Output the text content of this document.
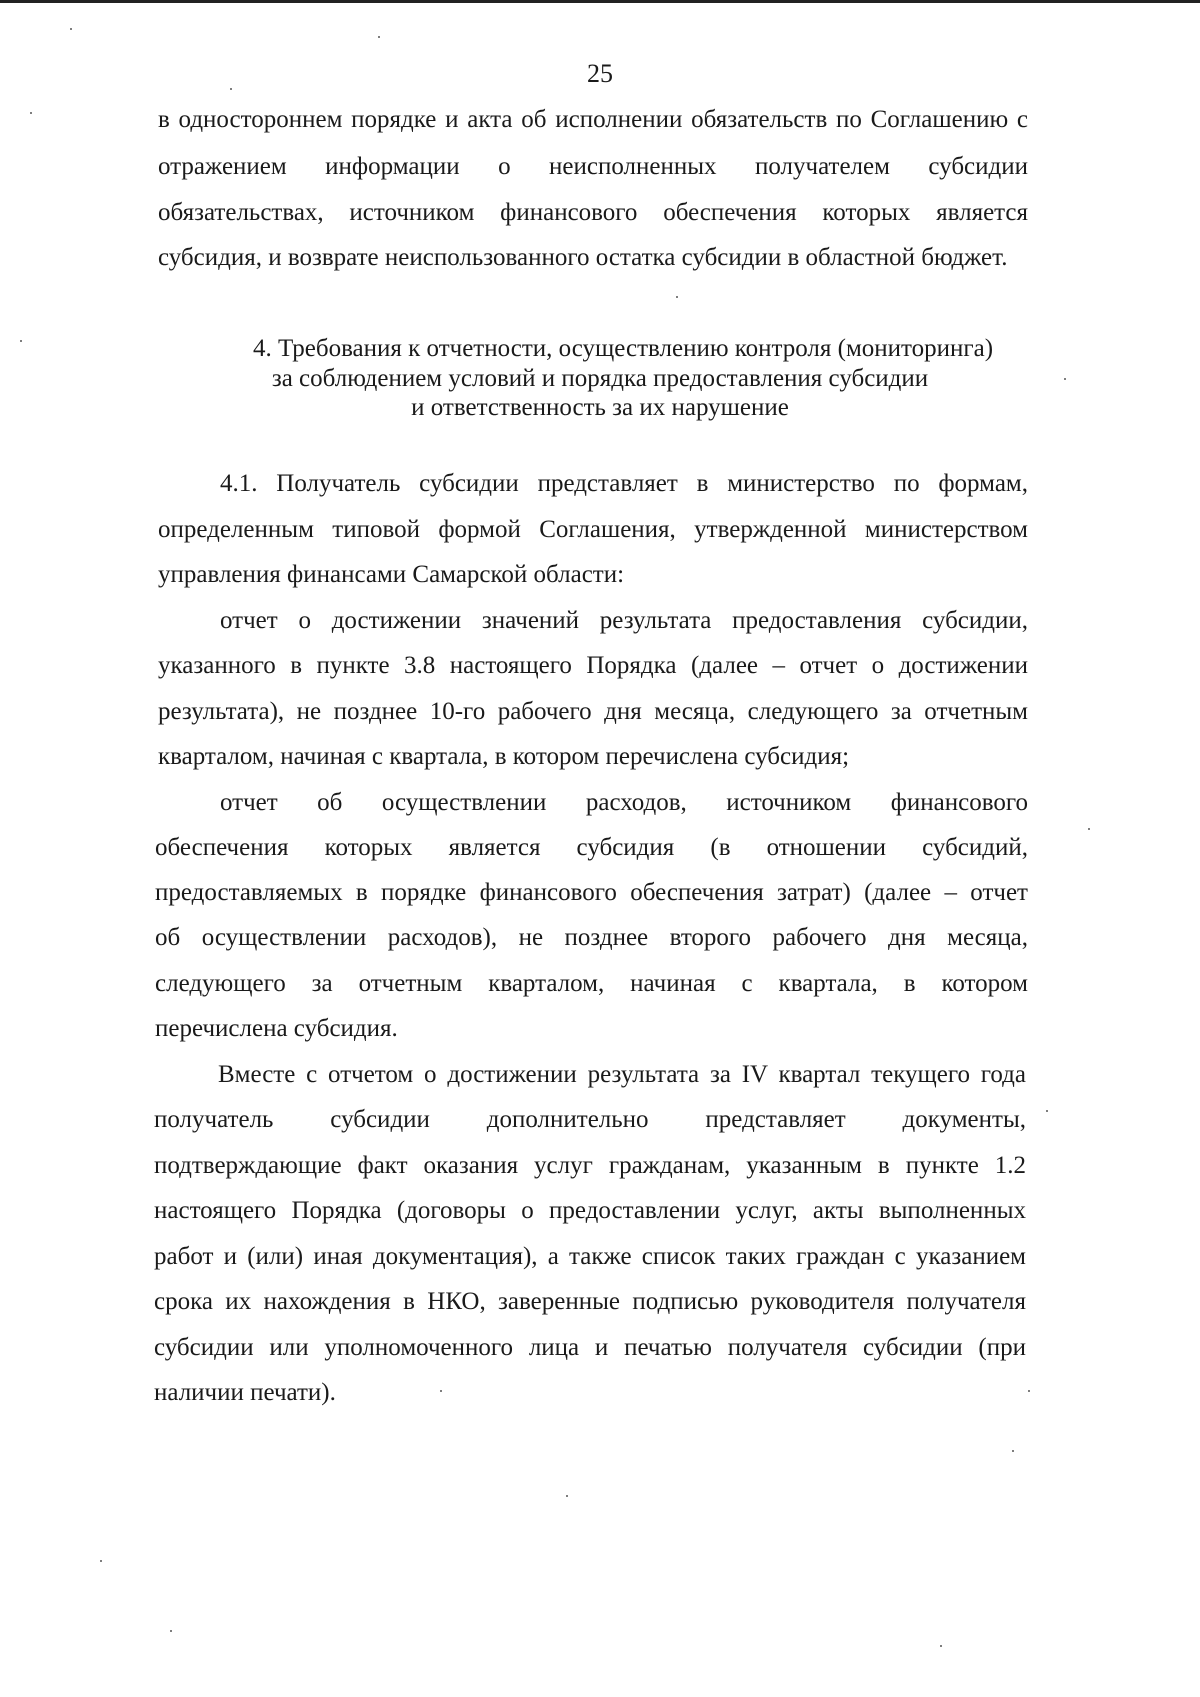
25
в одностороннем порядке и акта об исполнении обязательств по Соглашению с
отражением информации о неисполненных получателем субсидии
обязательствах, источником финансового обеспечения которых является
субсидия, и возврате неиспользованного остатка субсидии в областной бюджет.
4. Требования к отчетности, осуществлению контроля (мониторинга)
за соблюдением условий и порядка предоставления субсидии
и ответственность за их нарушение
4.1. Получатель субсидии представляет в министерство по формам,
определенным типовой формой Соглашения, утвержденной министерством
управления финансами Самарской области:
отчет о достижении значений результата предоставления субсидии,
указанного в пункте 3.8 настоящего Порядка (далее – отчет о достижении
результата), не позднее 10-го рабочего дня месяца, следующего за отчетным
кварталом, начиная с квартала, в котором перечислена субсидия;
отчет об осуществлении расходов, источником финансового
обеспечения которых является субсидия (в отношении субсидий,
предоставляемых в порядке финансового обеспечения затрат) (далее – отчет
об осуществлении расходов), не позднее второго рабочего дня месяца,
следующего за отчетным кварталом, начиная с квартала, в котором
перечислена субсидия.
Вместе с отчетом о достижении результата за IV квартал текущего года
получатель субсидии дополнительно представляет документы,
подтверждающие факт оказания услуг гражданам, указанным в пункте 1.2
настоящего Порядка (договоры о предоставлении услуг, акты выполненных
работ и (или) иная документация), а также список таких граждан с указанием
срока их нахождения в НКО, заверенные подписью руководителя получателя
субсидии или уполномоченного лица и печатью получателя субсидии (при
наличии печати).
